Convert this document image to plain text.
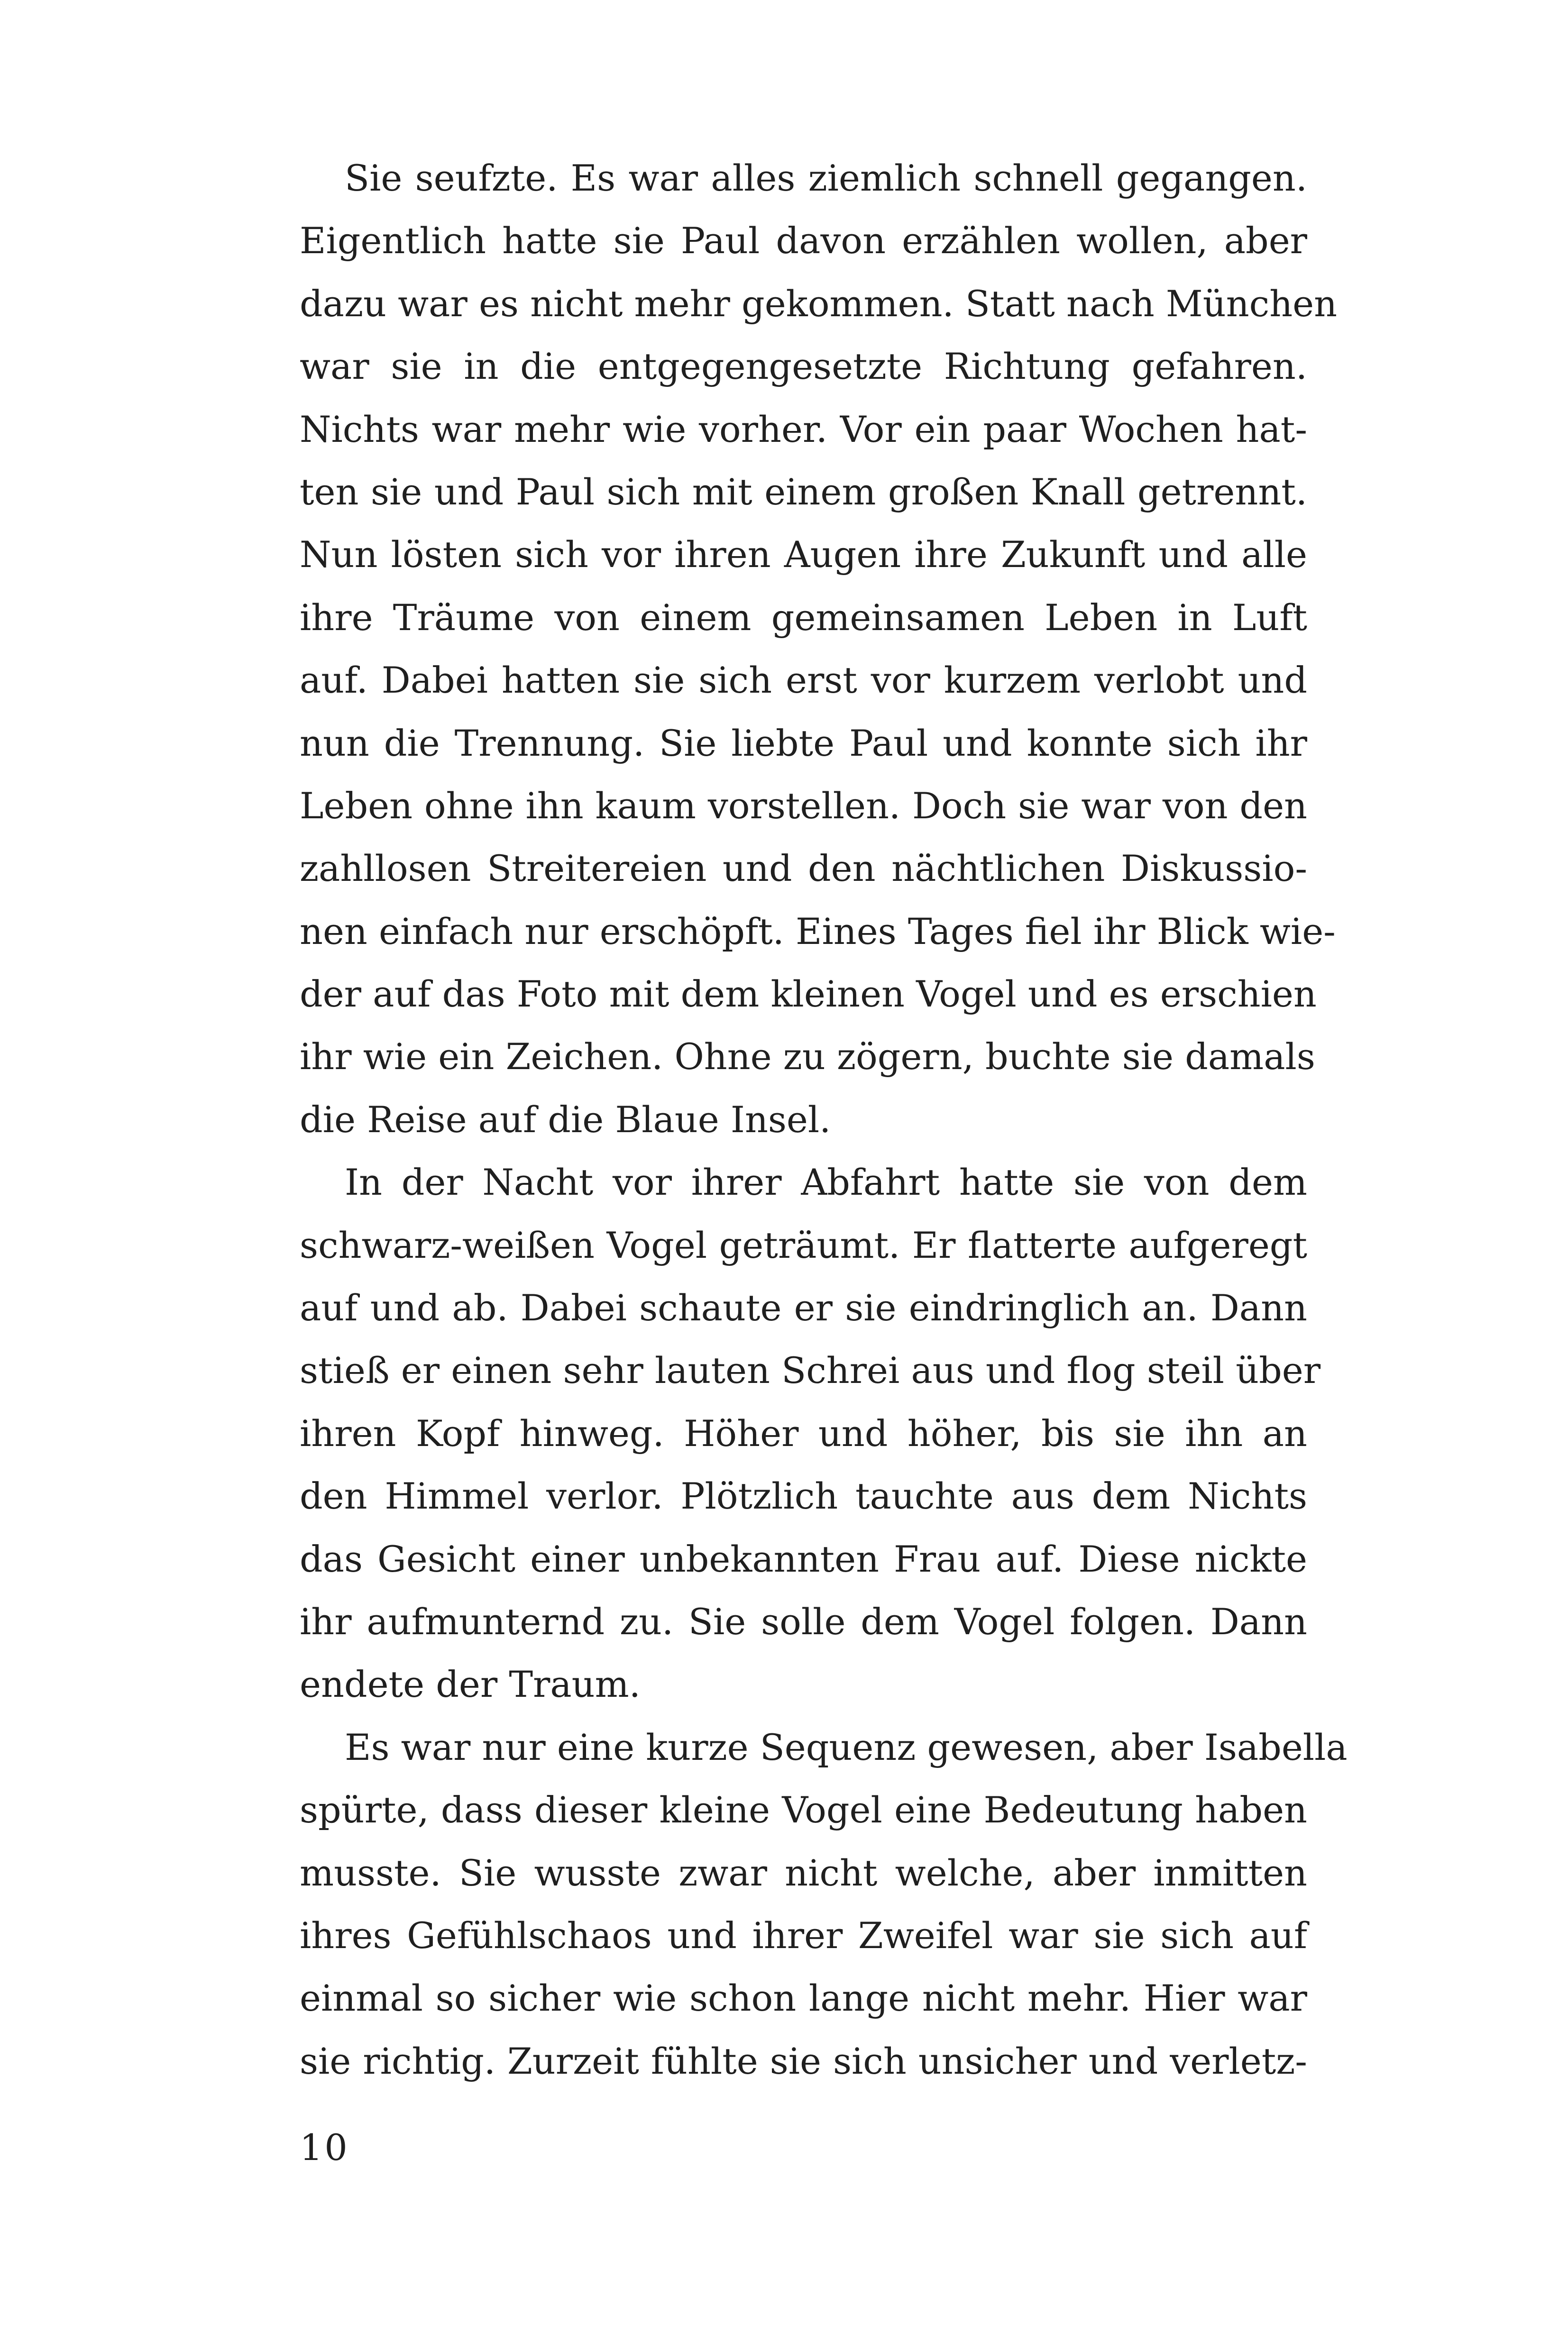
Sie seufzte. Es war alles ziemlich schnell gegangen.
Eigentlich hatte sie Paul davon erzählen wollen, aber
dazu war es nicht mehr gekommen. Statt nach München
war sie in die entgegengesetzte Richtung gefahren.
Nichts war mehr wie vorher. Vor ein paar Wochen hat-
ten sie und Paul sich mit einem großen Knall getrennt.
Nun lösten sich vor ihren Augen ihre Zukunft und alle
ihre Träume von einem gemeinsamen Leben in Luft
auf. Dabei hatten sie sich erst vor kurzem verlobt und
nun die Trennung. Sie liebte Paul und konnte sich ihr
Leben ohne ihn kaum vorstellen. Doch sie war von den
zahllosen Streitereien und den nächtlichen Diskussio-
nen einfach nur erschöpft. Eines Tages fiel ihr Blick wie-
der auf das Foto mit dem kleinen Vogel und es erschien
ihr wie ein Zeichen. Ohne zu zögern, buchte sie damals
die Reise auf die Blaue Insel.
In der Nacht vor ihrer Abfahrt hatte sie von dem
schwarz-weißen Vogel geträumt. Er flatterte aufgeregt
auf und ab. Dabei schaute er sie eindringlich an. Dann
stieß er einen sehr lauten Schrei aus und flog steil über
ihren Kopf hinweg. Höher und höher, bis sie ihn an
den Himmel verlor. Plötzlich tauchte aus dem Nichts
das Gesicht einer unbekannten Frau auf. Diese nickte
ihr aufmunternd zu. Sie solle dem Vogel folgen. Dann
endete der Traum.
Es war nur eine kurze Sequenz gewesen, aber Isabella
spürte, dass dieser kleine Vogel eine Bedeutung haben
musste. Sie wusste zwar nicht welche, aber inmitten
ihres Gefühlschaos und ihrer Zweifel war sie sich auf
einmal so sicher wie schon lange nicht mehr. Hier war
sie richtig. Zurzeit fühlte sie sich unsicher und verletz-
10
